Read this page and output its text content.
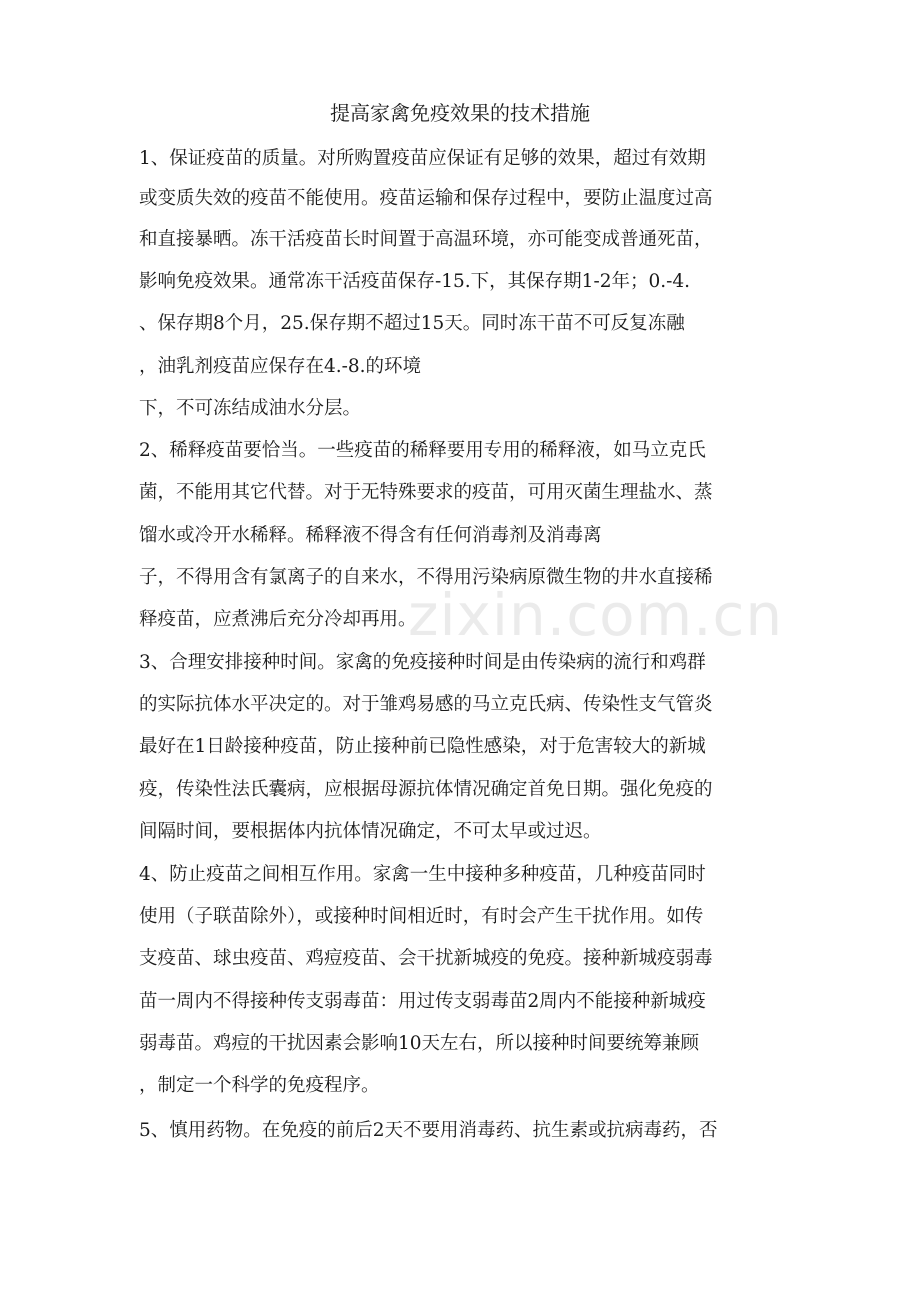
提高家禽免疫效果的技术措施
1、保证疫苗的质量。对所购置疫苗应保证有足够的效果，超过有效期
或变质失效的疫苗不能使用。疫苗运输和保存过程中，要防止温度过高
和直接暴晒。冻干活疫苗长时间置于高温环境，亦可能变成普通死苗，
影响免疫效果。通常冻干活疫苗保存-15.下，其保存期1-2年；0.-4.
、保存期8个月，25.保存期不超过15天。同时冻干苗不可反复冻融
，油乳剂疫苗应保存在4.-8.的环境
下，不可冻结成油水分层。
2、稀释疫苗要恰当。一些疫苗的稀释要用专用的稀释液，如马立克氏
菌，不能用其它代替。对于无特殊要求的疫苗，可用灭菌生理盐水、蒸
馏水或冷开水稀释。稀释液不得含有任何消毒剂及消毒离
子，不得用含有氯离子的自来水，不得用污染病原微生物的井水直接稀
释疫苗，应煮沸后充分冷却再用。
3、合理安排接种时间。家禽的免疫接种时间是由传染病的流行和鸡群
的实际抗体水平决定的。对于雏鸡易感的马立克氏病、传染性支气管炎
最好在1日龄接种疫苗，防止接种前已隐性感染，对于危害较大的新城
疫，传染性法氏囊病，应根据母源抗体情况确定首免日期。强化免疫的
间隔时间，要根据体内抗体情况确定，不可太早或过迟。
4、防止疫苗之间相互作用。家禽一生中接种多种疫苗，几种疫苗同时
使用（子联苗除外），或接种时间相近时，有时会产生干扰作用。如传
支疫苗、球虫疫苗、鸡痘疫苗、会干扰新城疫的免疫。接种新城疫弱毒
苗一周内不得接种传支弱毒苗：用过传支弱毒苗2周内不能接种新城疫
弱毒苗。鸡痘的干扰因素会影响10天左右，所以接种时间要统筹兼顾
，制定一个科学的免疫程序。
5、慎用药物。在免疫的前后2天不要用消毒药、抗生素或抗病毒药，否
zixin.com.cn
